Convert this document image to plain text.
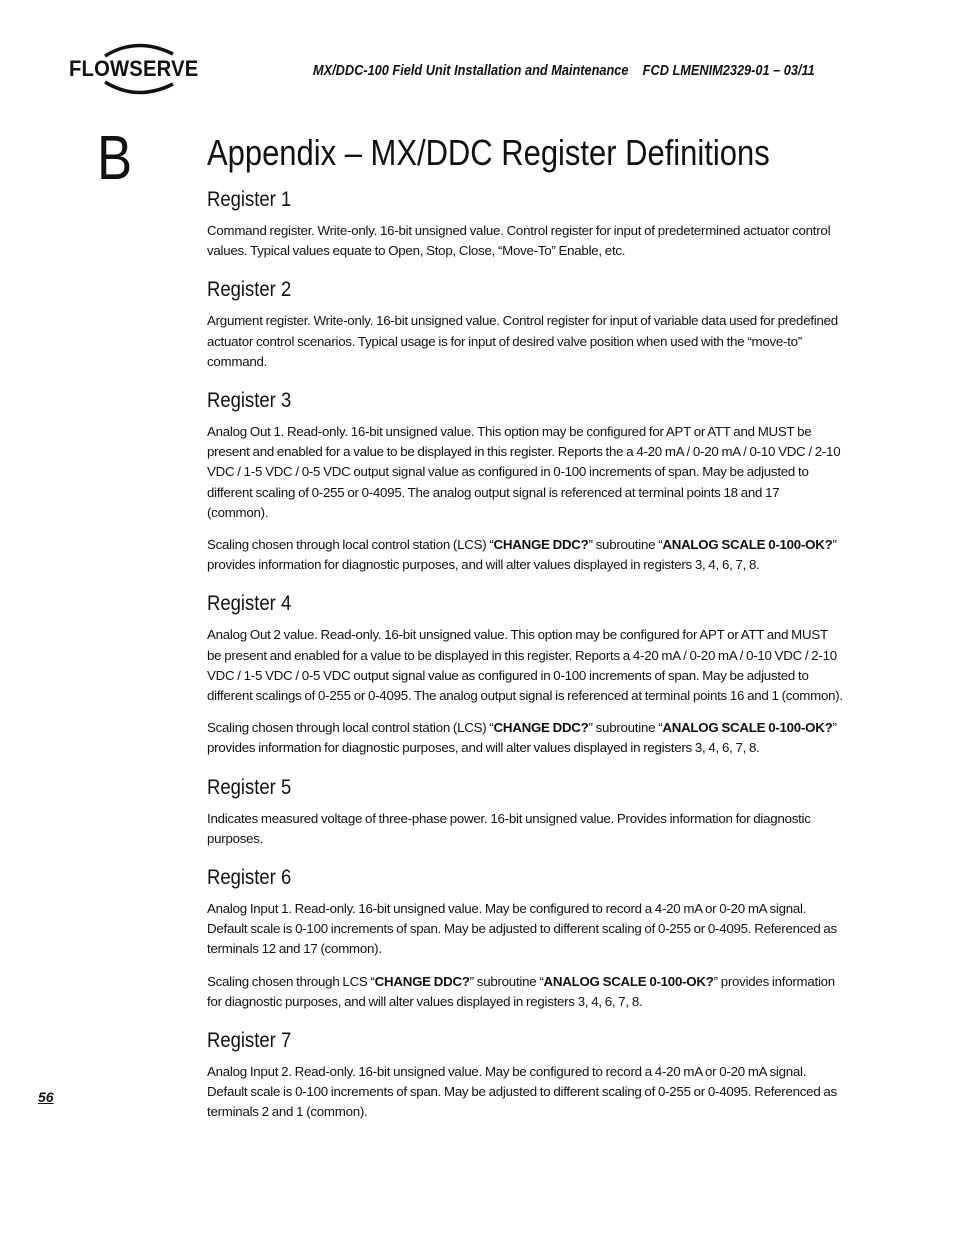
FLOWSERVE	MX/DDC-100 Field Unit Installation and Maintenance    FCD LMENIM2329-01 – 03/11
B Appendix – MX/DDC Register Definitions
Register 1

Command register. Write-only. 16-bit unsigned value. Control register for input of predetermined actuator control values. Typical values equate to Open, Stop, Close, “Move-To” Enable, etc.

Register 2

Argument register. Write-only. 16-bit unsigned value. Control register for input of variable data used for predefined actuator control scenarios. Typical usage is for input of desired valve position when used with the “move-to” command.

Register 3

Analog Out 1. Read-only. 16-bit unsigned value. This option may be configured for APT or ATT and MUST be present and enabled for a value to be displayed in this register. Reports the a 4-20 mA / 0-20 mA / 0-10 VDC / 2-10 VDC / 1-5 VDC / 0-5 VDC output signal value as configured in 0-100 increments of span. May be adjusted to different scaling of 0-255 or 0-4095. The analog output signal is referenced at terminal points 18 and 17 (common).

Scaling chosen through local control station (LCS) “CHANGE DDC?” subroutine “ANALOG SCALE 0-100-OK?” provides information for diagnostic purposes, and will alter values displayed in registers 3, 4, 6, 7, 8.

Register 4

Analog Out 2 value. Read-only. 16-bit unsigned value. This option may be configured for APT or ATT and MUST be present and enabled for a value to be displayed in this register. Reports a 4-20 mA / 0-20 mA / 0-10 VDC / 2-10 VDC / 1-5 VDC / 0-5 VDC output signal value as configured in 0-100 increments of span. May be adjusted to different scalings of 0-255 or 0-4095. The analog output signal is referenced at terminal points 16 and 1 (common).

Scaling chosen through local control station (LCS) “CHANGE DDC?” subroutine “ANALOG SCALE 0-100-OK?” provides information for diagnostic purposes, and will alter values displayed in registers 3, 4, 6, 7, 8.

Register 5

Indicates measured voltage of three-phase power. 16-bit unsigned value. Provides information for diagnostic purposes.

Register 6

Analog Input 1. Read-only. 16-bit unsigned value. May be configured to record a 4-20 mA or 0-20 mA signal. Default scale is 0-100 increments of span. May be adjusted to different scaling of 0-255 or 0-4095. Referenced as terminals 12 and 17 (common).

Scaling chosen through LCS “CHANGE DDC?” subroutine “ANALOG SCALE 0-100-OK?” provides information for diagnostic purposes, and will alter values displayed in registers 3, 4, 6, 7, 8.

Register 7

Analog Input 2. Read-only. 16-bit unsigned value. May be configured to record a 4-20 mA or 0-20 mA signal. Default scale is 0-100 increments of span. May be adjusted to different scaling of 0-255 or 0-4095. Referenced as terminals 2 and 1 (common).

56
